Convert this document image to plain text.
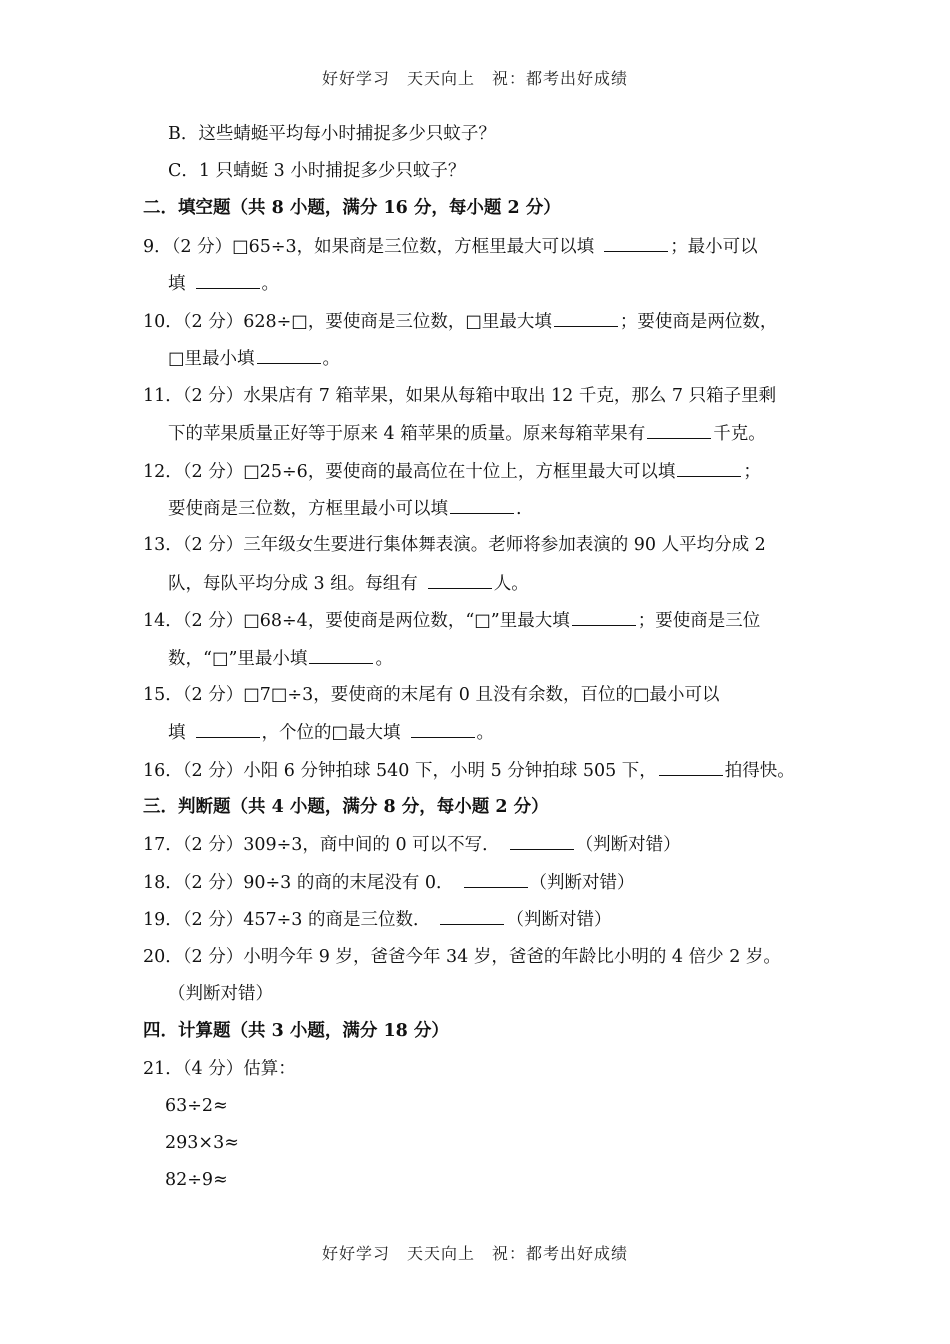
好好学习　天天向上　祝：都考出好成绩
B．这些蜻蜓平均每小时捕捉多少只蚊子？
C．1 只蜻蜓 3 小时捕捉多少只蚊子？
二．填空题（共 8 小题，满分 16 分，每小题 2 分）
9．（2 分）□65÷3，如果商是三位数，方框里最大可以填	；最小可以
填	。
10．（2 分）628÷□，要使商是三位数，□里最大填	；要使商是两位数，
□里最小填	。
11．（2 分）水果店有 7 箱苹果，如果从每箱中取出 12 千克，那么 7 只箱子里剩
下的苹果质量正好等于原来 4 箱苹果的质量。原来每箱苹果有	千克。
12．（2 分）□25÷6，要使商的最高位在十位上，方框里最大可以填	；
要使商是三位数，方框里最小可以填	.
13．（2 分）三年级女生要进行集体舞表演。老师将参加表演的 90 人平均分成 2
队，每队平均分成 3 组。每组有	人。
14．（2 分）□68÷4，要使商是两位数，“□”里最大填	；要使商是三位
数，“□”里最小填	。
15．（2 分）□7□÷3，要使商的末尾有 0 且没有余数，百位的□最小可以
填	，个位的□最大填	。
16．（2 分）小阳 6 分钟拍球 540 下，小明 5 分钟拍球 505 下，	拍得快。
三．判断题（共 4 小题，满分 8 分，每小题 2 分）
17．（2 分）309÷3，商中间的 0 可以不写．	（判断对错）
18．（2 分）90÷3 的商的末尾没有 0．	（判断对错）
19．（2 分）457÷3 的商是三位数．	（判断对错）
20．（2 分）小明今年 9 岁，爸爸今年 34 岁，爸爸的年龄比小明的 4 倍少 2 岁。
（判断对错）
四．计算题（共 3 小题，满分 18 分）
21．（4 分）估算：
63÷2≈
293×3≈
82÷9≈
好好学习　天天向上　祝：都考出好成绩
